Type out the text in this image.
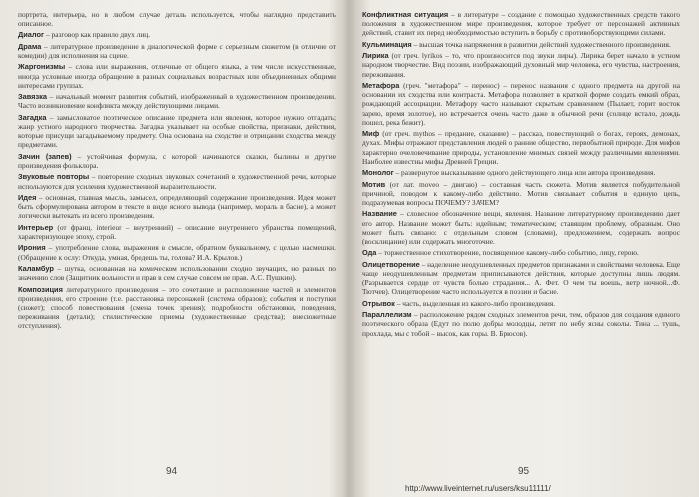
портрета, интерьера, но в любом случае деталь используется, чтобы наглядно представить описанное.

Диалог – разговор как правило двух лиц.

Драма – литературное произведение в диалогической форме с серьезным сюжетом (в отличие от комедии) для исполнения на сцене.

Жаргонизмы – слова или выражения, отличные от общего языка, а тем числе искусственные, иногда условные иногда обращение в разных социальных возрастных или объединенных общими интересами группах.

Завязка – начальный момент развития событий, изображенный в художественном произведении. Часто возникновение конфликта между действующими лицами.

Загадка – замысловатое поэтическое описание предмета или явления, которое нужно отгадать; жанр устного народного творчества. Загадка указывает на особые свойства, признаки, действия, которые присущи загадываемому предмету. Она основана на сходстве и отрицании сходства между предметами.

Зачин (запев) – устойчивая формула, с которой начинаются сказки, былины и другие произведения фольклора.

Звуковые повторы – повторение сходных звуковых сочетаний в художественной речи, которые используются для усиления художественной выразительности.

Идея – основная, главная мысль, замысел, определяющий содержание произведения. Идея может быть сформулирована автором в тексте в виде ясного вывода (например, мораль в басне), а может логически вытекать из всего произведения.

Интерьер (от франц. interieur – внутренний) – описание внутреннего убранства помещений, характеризующее эпоху, строй.

Ирония – употребление слова, выражения в смысле, обратном буквальному, с целью насмешки. (Обращение к ослу: Откуда, умная, бредешь ты, голова? И.А. Крылов.)

Каламбур – шутка, основанная на комическом использовании сходно звучащих, но разных по значению слов (Защитник вольности и прав в сем случае совсем не прав. А.С. Пушкин).

Композиция литературного произведения – это сочетание и расположение частей и элементов произведения, его строение (т.е. расстановка персонажей (система образов); события и поступки (сюжет); способ повествования (смена точек зрения); подробности обстановки, поведения, переживания (детали); стилистические приемы (художественные средства); внесюжетные отступления).

94

Конфликтная ситуация – в литературе – создание с помощью художественных средств такого положения в художественном мире произведения, которое требует от персонажей активных действий, ставит их перед необходимостью вступить в борьбу с противоборствующими силами.

Кульминация – высшая точка напряжения в развитии действий художественного произведения.

Лирика (от греч. lyrikos – то, что произносится под звуки лиры). Лирика берет начало в устном народном творчестве. Вид поэзии, изображающий духовный мир человека, его чувства, настроения, переживания.

Метафора (греч. "метафора" – перенос) – перенос названия с одного предмета на другой на основании их сходства или контраста. Метафора позволяет в краткой форме создать емкий образ, рождающий ассоциации. Метафору часто называют скрытым сравнением (Пылает, горит восток зарею, время золотое), но встречается очень часто даже в обычной речи (солнце встало, дождь пошел, река бежит).

Миф (от греч. mythos – предание, сказание) – рассказ, повествующий о богах, героях, демонах, духах. Мифы отражают представления людей о ранние общество, первобытной природе. Для мифов характерно очеловечивание природы, установление мнимых связей между различными явлениями. Наиболее известны мифы Древней Греции.

Монолог – развернутое высказывание одного действующего лица или автора произведения.

Мотив (от лат. moveo – двигаю) – составная часть сюжета. Мотив является побудительной причиной, поводом к какому-либо действию. Мотив связывает события в единую цепь, подразумевая вопросы ПОЧЕМУ? ЗАЧЕМ?

Название – словесное обозначение вещи, явления. Название литературному произведению дает его автор. Название может быть: идейным; тематическим; ставящим проблему, образным. Оно может быть связано: с отдельным словом (словами), предложением, содержать вопрос (восклицание) или содержать многоточие.

Ода – торжественное стихотворение, посвященное какому-либо событию, лицу, герою.

Олицетворение – наделение неодушевленных предметов признаками и свойствами человека. Еще чаще неодушевленным предметам приписываются действия, которые доступны лишь людям. (Разрывается сердце от чувств болью страдания... А. Фет. О чем ты воешь, ветр ночной...Ф. Тютчев). Олицетворение часто используется в поэзии и басне.

Отрывок – часть, выделенная из какого-либо произведения.

Параллелизм – расположение рядом сходных элементов речи, тем, образов для создания единого поэтического образа (Едут по полю добры молодцы, летят по небу ясны соколы. Тина ... тушь, прохлада, мы с тобой – высок, как горы. В. Брюсов).

95
http://www.liveinternet.ru/users/ksu11111/
